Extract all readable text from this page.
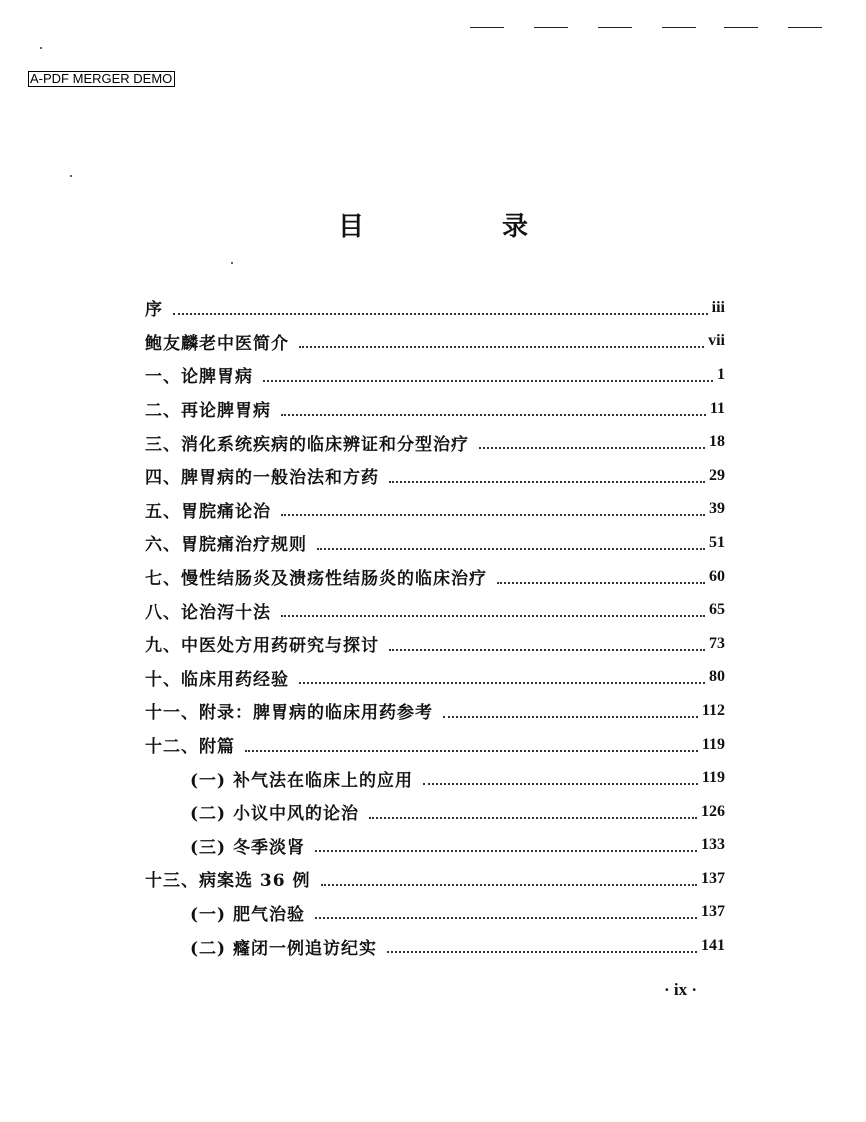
A-PDF MERGER DEMO
目　录
序	iii
鲍友麟老中医简介	vii
一、论脾胃病	1
二、再论脾胃病	11
三、消化系统疾病的临床辨证和分型治疗	18
四、脾胃病的一般治法和方药	29
五、胃脘痛论治	39
六、胃脘痛治疗规则	51
七、慢性结肠炎及溃疡性结肠炎的临床治疗	60
八、论治泻十法	65
九、中医处方用药研究与探讨	73
十、临床用药经验	80
十一、附录：脾胃病的临床用药参考	112
十二、附篇	119
(一) 补气法在临床上的应用	119
(二) 小议中风的论治	126
(三) 冬季淡肾	133
十三、病案选 36 例	137
(一) 肥气治验	137
(二) 癃闭一例追访纪实	141
· ix ·
